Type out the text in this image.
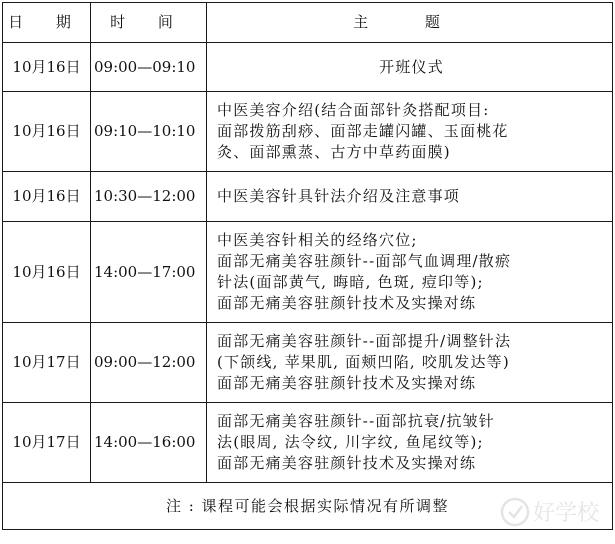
日 期	时 间	主 题
10月16日	09:00—09:10	开班仪式

10月16日	09:10—10:10	中医美容介绍(结合面部针灸搭配项目:
面部拨筋刮痧、面部走罐闪罐、玉面桃花
灸、面部熏蒸、古方中草药面膜)

10月16日	10:30—12:00	中医美容针具针法介绍及注意事项

10月16日	14:00—17:00	中医美容针相关的经络穴位;
面部无痛美容驻颜针--面部气血调理/散瘀
针法(面部黄气, 晦暗, 色斑, 痘印等);
面部无痛美容驻颜针技术及实操对练

10月17日	09:00—12:00	面部无痛美容驻颜针--面部提升/调整针法
(下颌线, 苹果肌, 面颊凹陷, 咬肌发达等)
面部无痛美容驻颜针技术及实操对练

10月17日	14:00—16:00	面部无痛美容驻颜针--面部抗衰/抗皱针
法(眼周, 法令纹, 川字纹, 鱼尾纹等);
面部无痛美容驻颜针技术及实操对练

注 : 课程可能会根据实际情况有所调整			好学校
